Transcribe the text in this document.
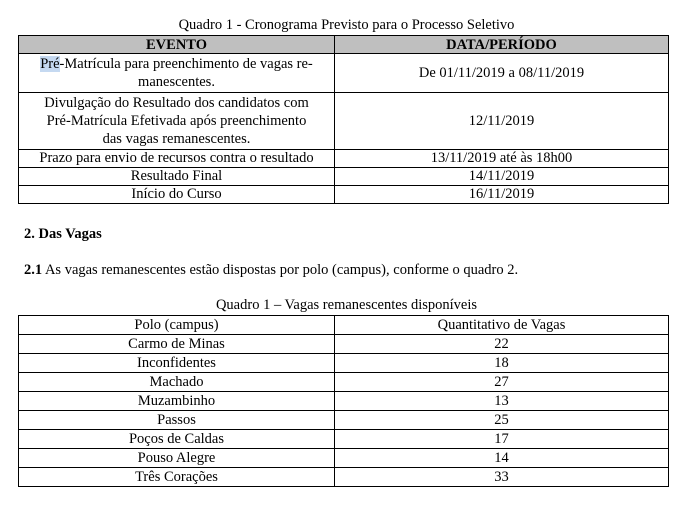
Quadro 1 - Cronograma Previsto para o Processo Seletivo
EVENTO	DATA/PERÍODO
Pré-Matrícula para preenchimento de vagas re-
manescentes.	De 01/11/2019 a 08/11/2019
Divulgação do Resultado dos candidatos com
Pré-Matrícula Efetivada após preenchimento
das vagas remanescentes.	12/11/2019
Prazo para envio de recursos contra o resultado	13/11/2019 até às 18h00
Resultado Final	14/11/2019
Início do Curso	16/11/2019
2. Das Vagas
2.1 As vagas remanescentes estão dispostas por polo (campus), conforme o quadro 2.
Quadro 1 – Vagas remanescentes disponíveis
Polo (campus)	Quantitativo de Vagas
Carmo de Minas	22
Inconfidentes	18
Machado	27
Muzambinho	13
Passos	25
Poços de Caldas	17
Pouso Alegre	14
Três Corações	33
